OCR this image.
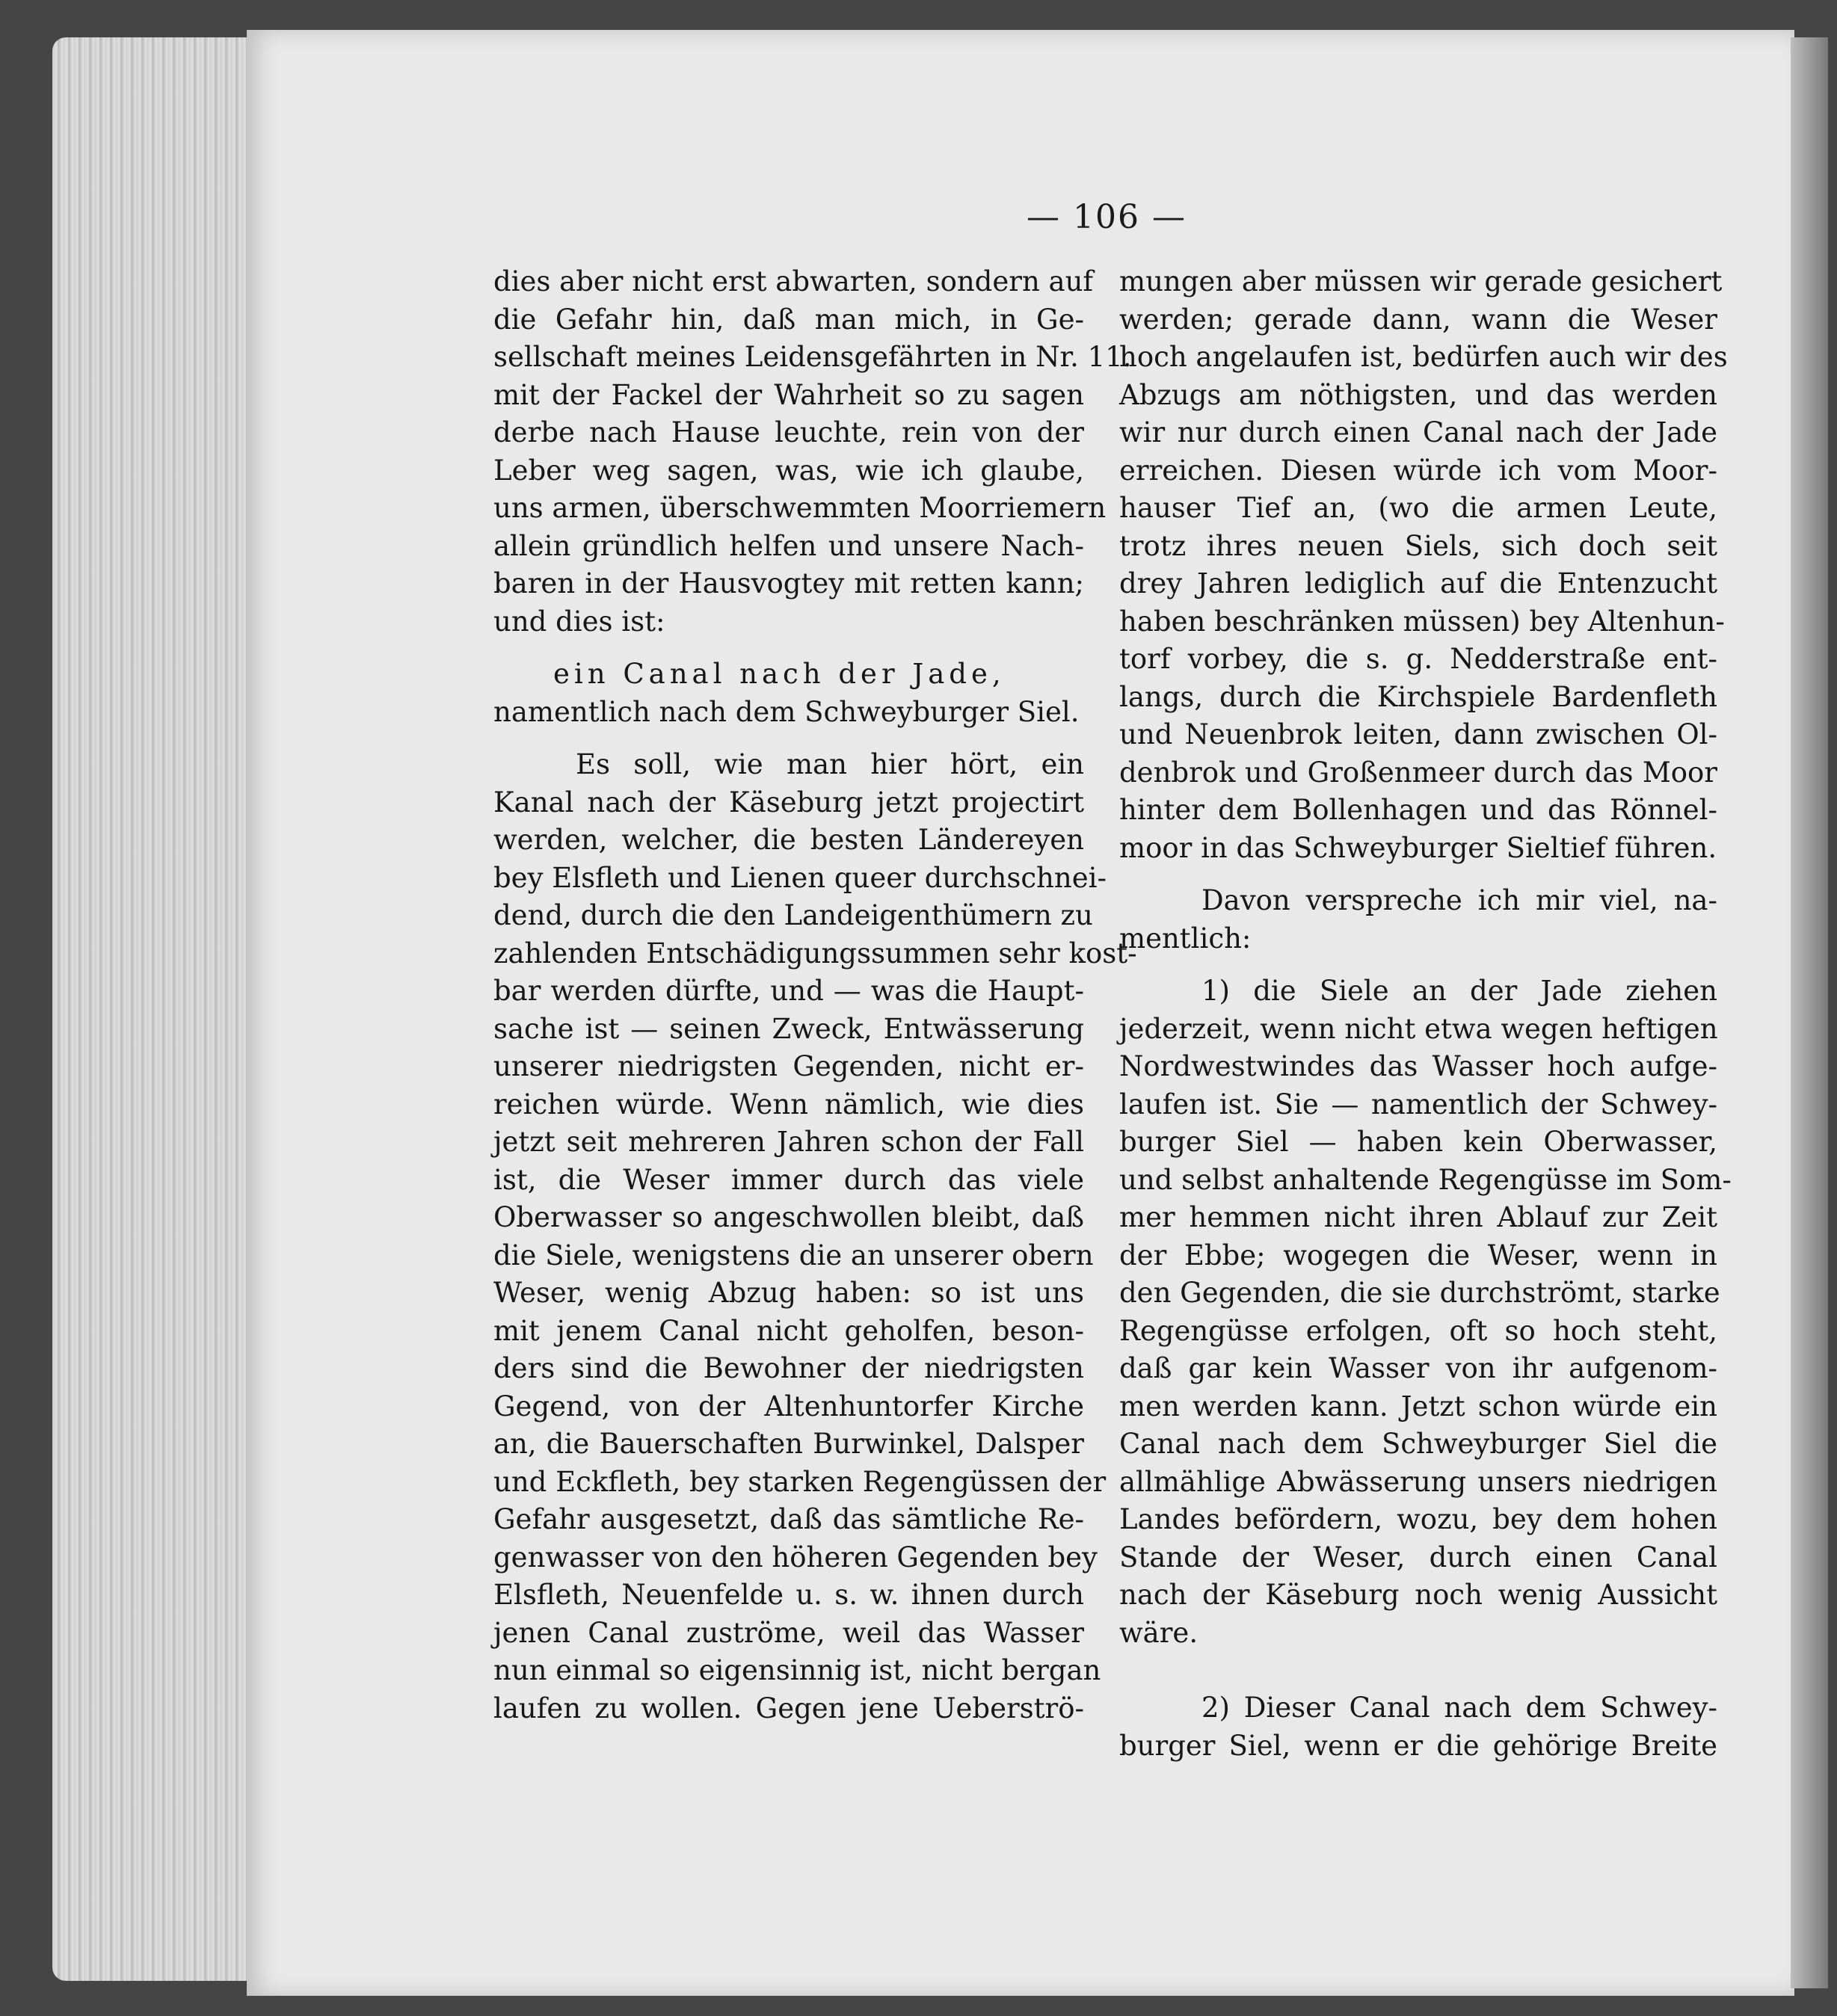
— 106 —
dies aber nicht erst abwarten, sondern auf
die Gefahr hin, daß man mich, in Ge-
sellschaft meines Leidensgefährten in Nr. 11.
mit der Fackel der Wahrheit so zu sagen
derbe nach Hause leuchte, rein von der
Leber weg sagen, was, wie ich glaube,
uns armen, überschwemmten Moorriemern
allein gründlich helfen und unsere Nach-
baren in der Hausvogtey mit retten kann;
und dies ist:
ein Canal nach der Jade,
namentlich nach dem Schweyburger Siel.
Es soll, wie man hier hört, ein
Kanal nach der Käseburg jetzt projectirt
werden, welcher, die besten Ländereyen
bey Elsfleth und Lienen queer durchschnei-
dend, durch die den Landeigenthümern zu
zahlenden Entschädigungssummen sehr kost-
bar werden dürfte, und — was die Haupt-
sache ist — seinen Zweck, Entwässerung
unserer niedrigsten Gegenden, nicht er-
reichen würde. Wenn nämlich, wie dies
jetzt seit mehreren Jahren schon der Fall
ist, die Weser immer durch das viele
Oberwasser so angeschwollen bleibt, daß
die Siele, wenigstens die an unserer obern
Weser, wenig Abzug haben: so ist uns
mit jenem Canal nicht geholfen, beson-
ders sind die Bewohner der niedrigsten
Gegend, von der Altenhuntorfer Kirche
an, die Bauerschaften Burwinkel, Dalsper
und Eckfleth, bey starken Regengüssen der
Gefahr ausgesetzt, daß das sämtliche Re-
genwasser von den höheren Gegenden bey
Elsfleth, Neuenfelde u. s. w. ihnen durch
jenen Canal zuströme, weil das Wasser
nun einmal so eigensinnig ist, nicht bergan
laufen zu wollen. Gegen jene Ueberströ-
mungen aber müssen wir gerade gesichert
werden; gerade dann, wann die Weser
hoch angelaufen ist, bedürfen auch wir des
Abzugs am nöthigsten, und das werden
wir nur durch einen Canal nach der Jade
erreichen. Diesen würde ich vom Moor-
hauser Tief an, (wo die armen Leute,
trotz ihres neuen Siels, sich doch seit
drey Jahren lediglich auf die Entenzucht
haben beschränken müssen) bey Altenhun-
torf vorbey, die s. g. Nedderstraße ent-
langs, durch die Kirchspiele Bardenfleth
und Neuenbrok leiten, dann zwischen Ol-
denbrok und Großenmeer durch das Moor
hinter dem Bollenhagen und das Rönnel-
moor in das Schweyburger Sieltief führen.
Davon verspreche ich mir viel, na-
mentlich:
1) die Siele an der Jade ziehen
jederzeit, wenn nicht etwa wegen heftigen
Nordwestwindes das Wasser hoch aufge-
laufen ist. Sie — namentlich der Schwey-
burger Siel — haben kein Oberwasser,
und selbst anhaltende Regengüsse im Som-
mer hemmen nicht ihren Ablauf zur Zeit
der Ebbe; wogegen die Weser, wenn in
den Gegenden, die sie durchströmt, starke
Regengüsse erfolgen, oft so hoch steht,
daß gar kein Wasser von ihr aufgenom-
men werden kann. Jetzt schon würde ein
Canal nach dem Schweyburger Siel die
allmählige Abwässerung unsers niedrigen
Landes befördern, wozu, bey dem hohen
Stande der Weser, durch einen Canal
nach der Käseburg noch wenig Aussicht
wäre.
2) Dieser Canal nach dem Schwey-
burger Siel, wenn er die gehörige Breite
